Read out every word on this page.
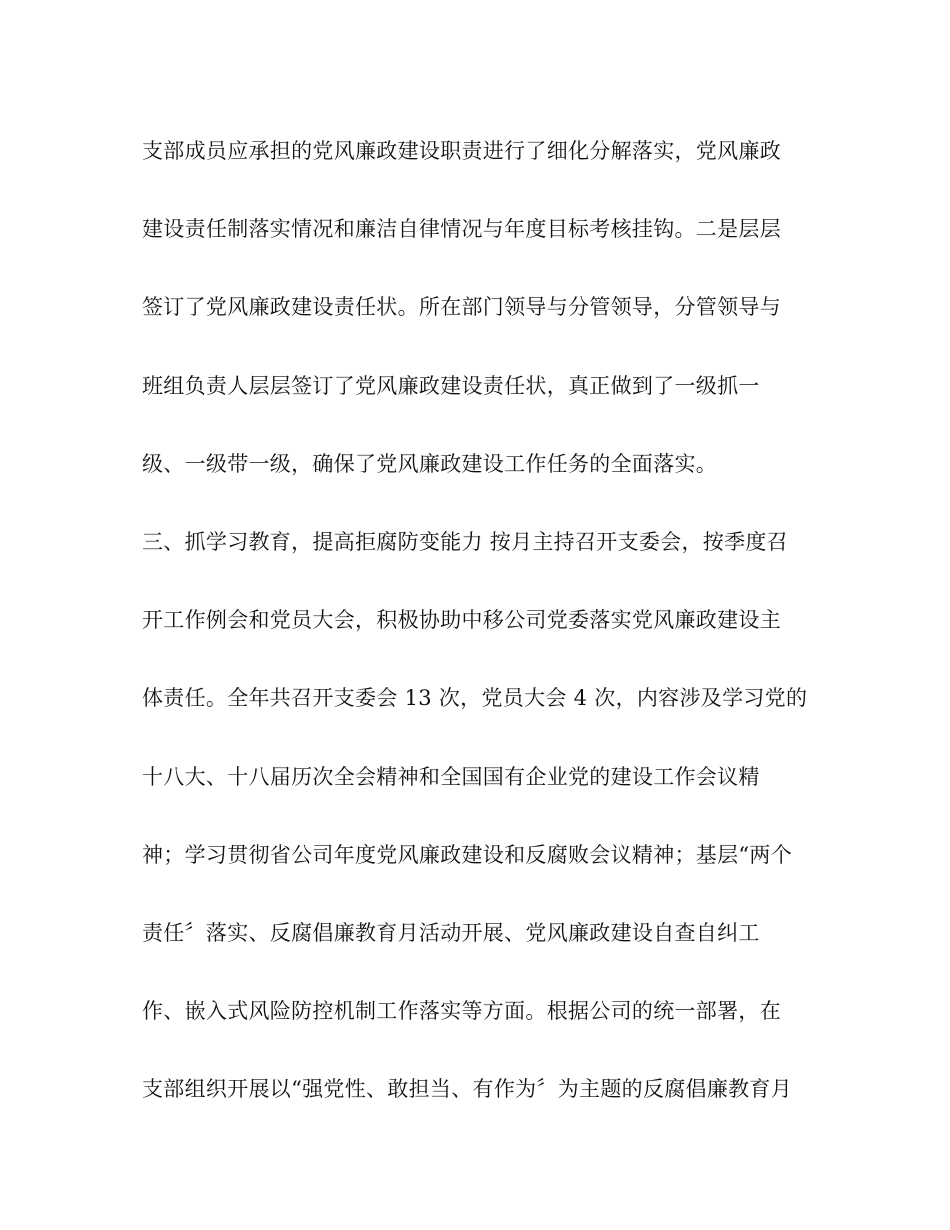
支部成员应承担的党风廉政建设职责进行了细化分解落实，党风廉政
建设责任制落实情况和廉洁自律情况与年度目标考核挂钩。二是层层
签订了党风廉政建设责任状。所在部门领导与分管领导，分管领导与
班组负责人层层签订了党风廉政建设责任状，真正做到了一级抓一
级、一级带一级，确保了党风廉政建设工作任务的全面落实。
三、抓学习教育，提高拒腐防变能力 按月主持召开支委会，按季度召
开工作例会和党员大会，积极协助中移公司党委落实党风廉政建设主
体责任。全年共召开支委会 13 次，党员大会 4 次，内容涉及学习党的
十八大、十八届历次全会精神和全国国有企业党的建设工作会议精
神；学习贯彻省公司年度党风廉政建设和反腐败会议精神；基层“两个
责任〞落实、反腐倡廉教育月活动开展、党风廉政建设自查自纠工
作、嵌入式风险防控机制工作落实等方面。根据公司的统一部署，在
支部组织开展以“强党性、敢担当、有作为〞为主题的反腐倡廉教育月
